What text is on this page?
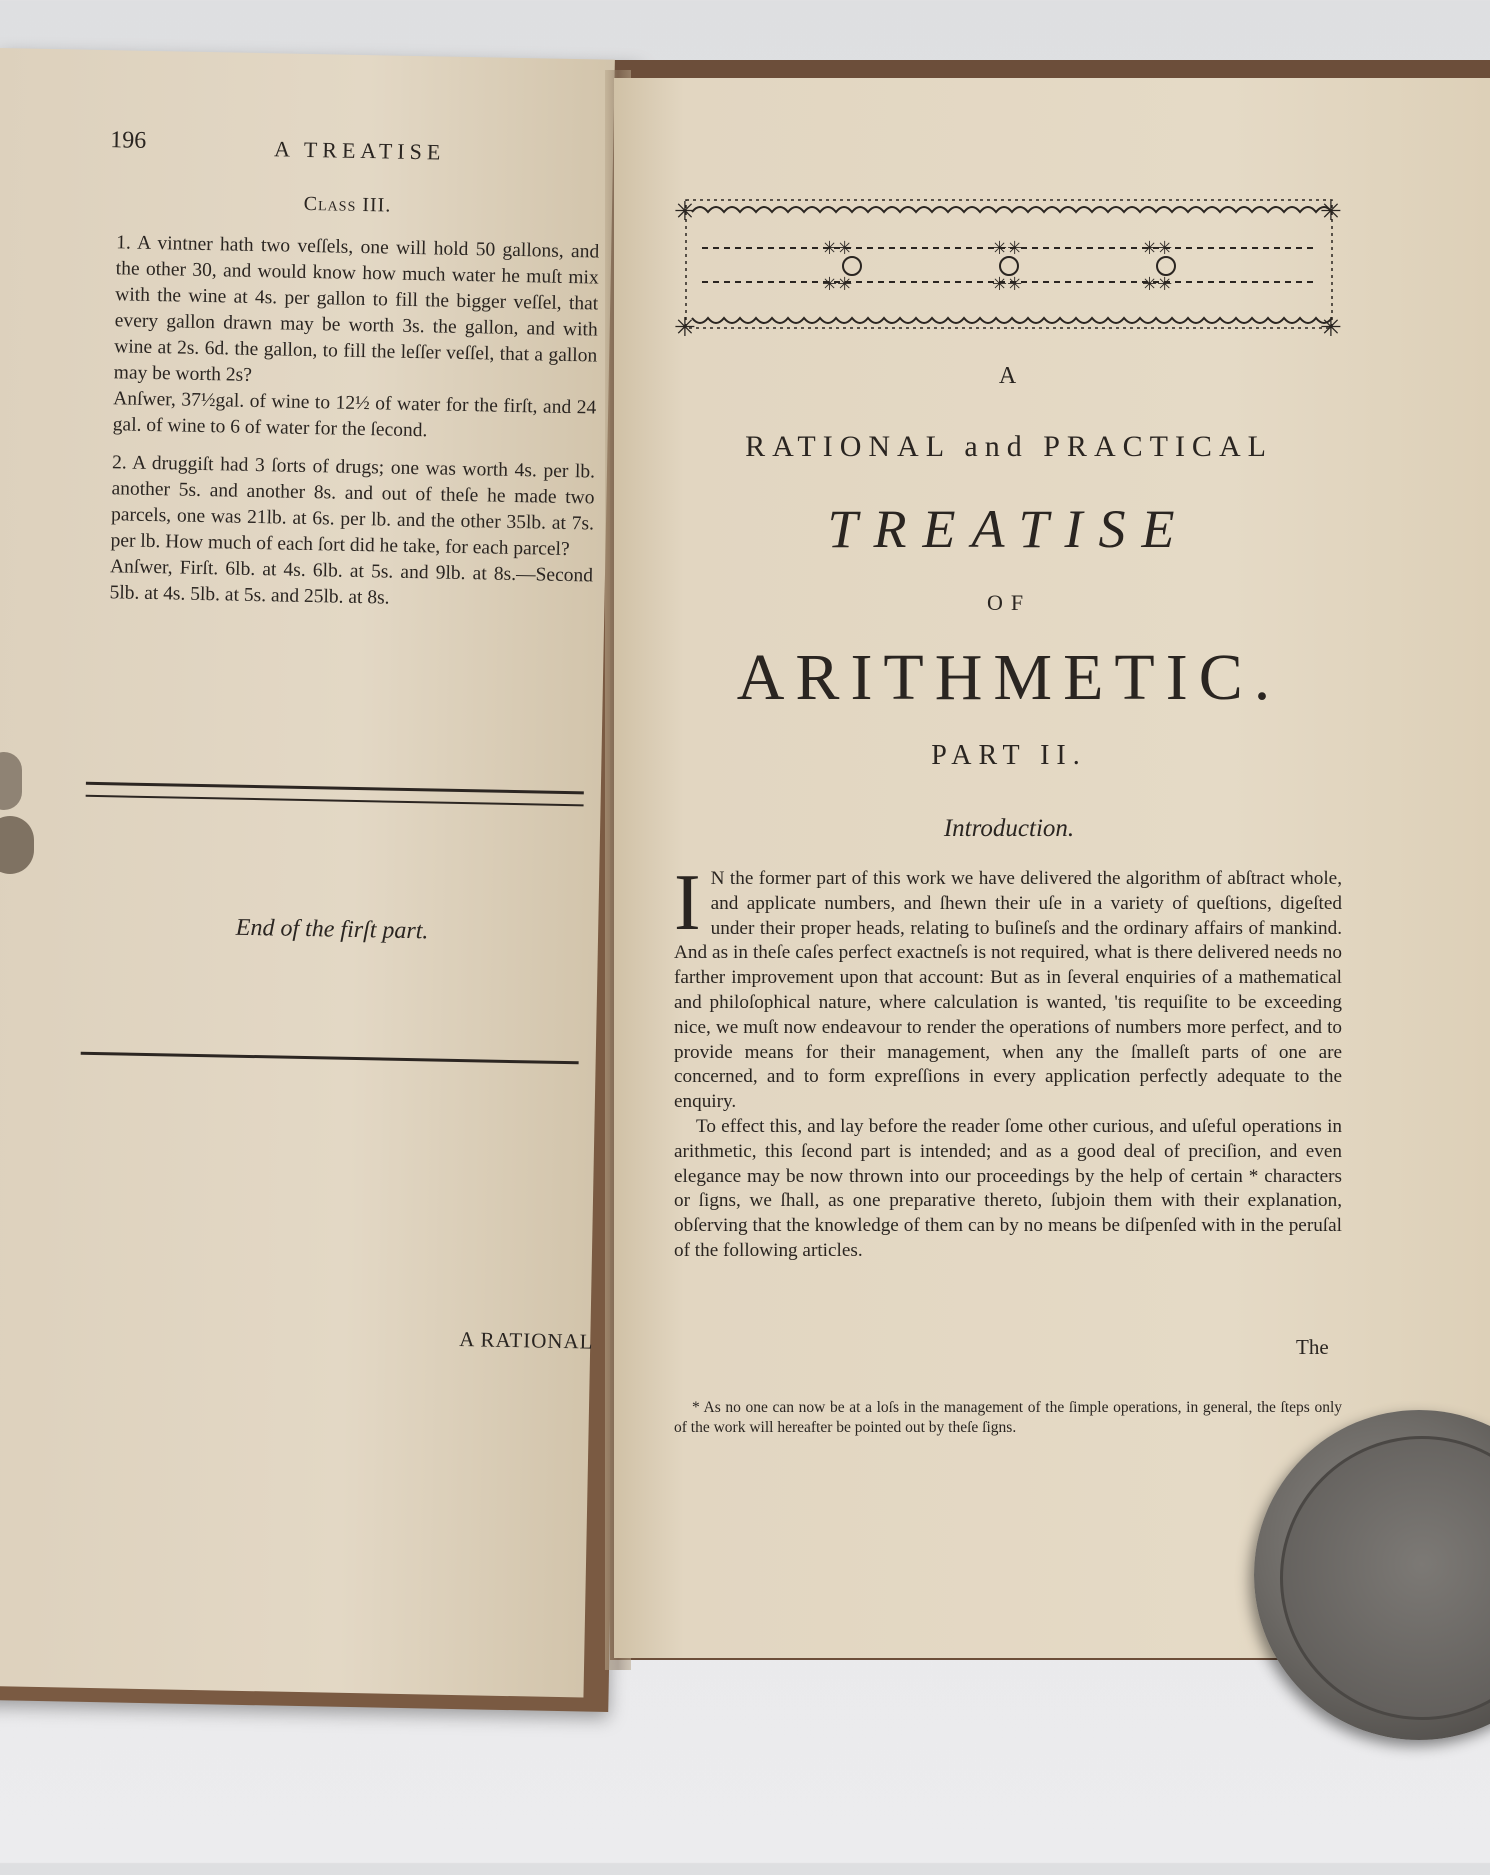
196	A TREATISE
Class III.
1. A vintner hath two veſſels, one will hold 50 gallons, and the other 30, and would know how much water he muſt mix with the wine at 4s. per gallon to fill the bigger veſſel, that every gallon drawn may be worth 3s. the gallon, and with wine at 2s. 6d. the gallon, to fill the leſſer veſſel, that a gallon may be worth 2s?
Anſwer, 37½gal. of wine to 12½ of water for the firſt, and 24 gal. of wine to 6 of water for the ſecond.
2. A druggiſt had 3 ſorts of drugs; one was worth 4s. per lb. another 5s. and another 8s. and out of theſe he made two parcels, one was 21lb. at 6s. per lb. and the other 35lb. at 7s. per lb. How much of each ſort did he take, for each parcel?
Anſwer, Firſt. 6lb. at 4s. 6lb. at 5s. and 9lb. at 8s.—Second 5lb. at 4s. 5lb. at 5s. and 25lb. at 8s.
End of the firſt part.
A RATIONAL
✳	✳
✳	✳
✳✳	✳✳	✳✳
✳✳	✳✳	✳✳
A
RATIONAL and PRACTICAL
TREATISE
OF
ARITHMETIC.
PART II.
Introduction.

I N the former part of this work we have delivered the algorithm of abſtract whole, and applicate numbers, and ſhewn their uſe in a variety of queſtions, digeſted under their proper heads, relating to buſineſs and the ordinary affairs of mankind. And as in theſe caſes perfect exactneſs is not required, what is there delivered needs no farther improvement upon that account: But as in ſeveral enquiries of a mathematical and philoſophical nature, where calculation is wanted, 'tis requiſite to be exceeding nice, we muſt now endeavour to render the operations of numbers more perfect, and to provide means for their management, when any the ſmalleſt parts of one are concerned, and to form expreſſions in every application perfectly adequate to the enquiry.

To effect this, and lay before the reader ſome other curious, and uſeful operations in arithmetic, this ſecond part is intended; and as a good deal of preciſion, and even elegance may be now thrown into our proceedings by the help of certain * characters or ſigns, we ſhall, as one preparative thereto, ſubjoin them with their explanation, obſerving that the knowledge of them can by no means be diſpenſed with in the peruſal of the following articles.

The

* As no one can now be at a loſs in the management of the ſimple operations, in general, the ſteps only of the work will hereafter be pointed out by theſe ſigns.
